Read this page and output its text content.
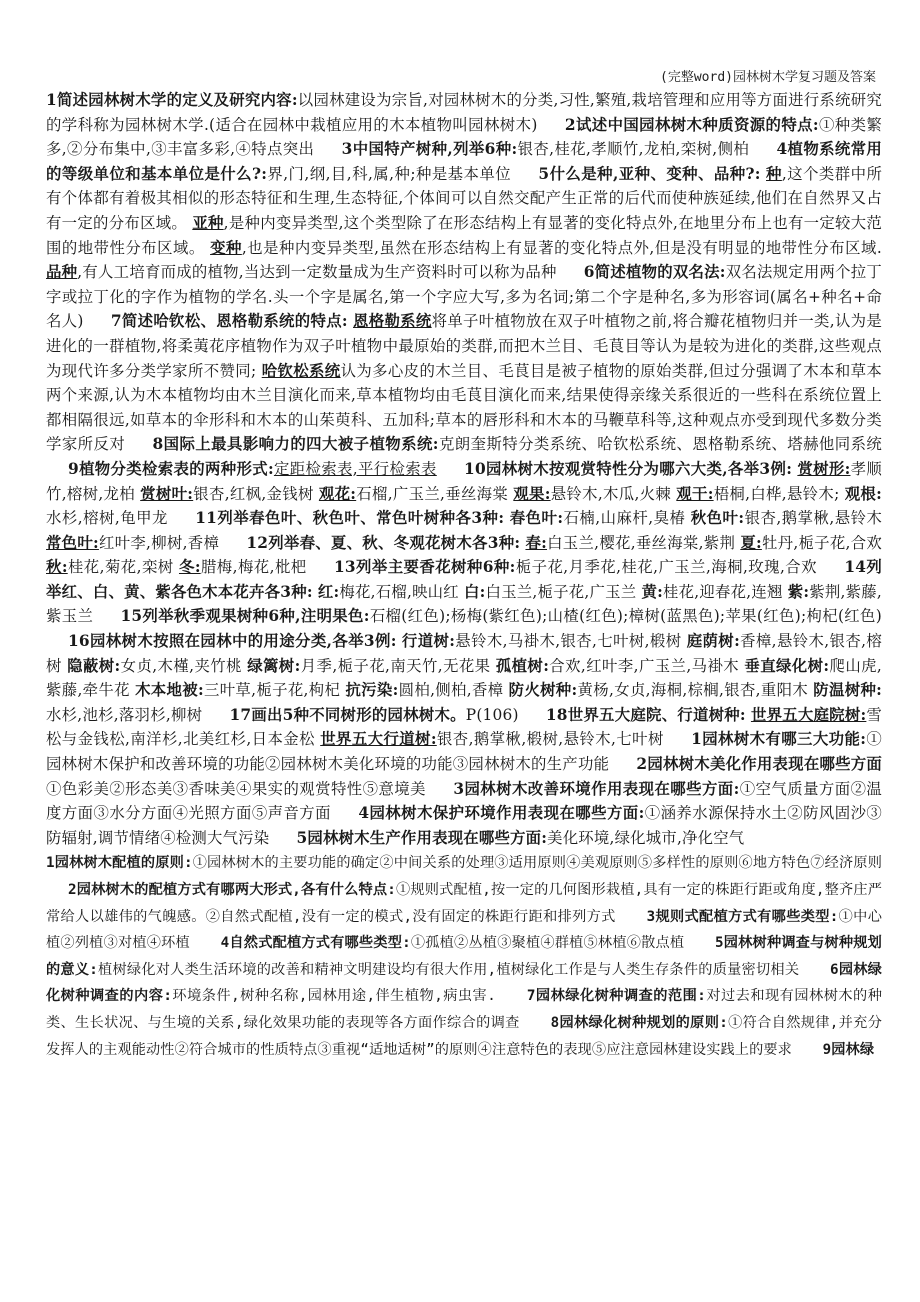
(完整word)园林树木学复习题及答案
1简述园林树木学的定义及研究内容:以园林建设为宗旨,对园林树木的分类,习性,繁殖,栽培管理和应用等方面进行系统研究的学科称为园林树木学.(适合在园林中栽植应用的木本植物叫园林树木) 2试述中国园林树木种质资源的特点:①种类繁多,②分布集中,③丰富多彩,④特点突出 3中国特产树种,列举6种:银杏,桂花,孝顺竹,龙柏,栾树,侧柏 4植物系统常用的等级单位和基本单位是什么?:界,门,纲,目,科,属,种;种是基本单位 5什么是种,亚种、变种、品种?: 种,这个类群中所有个体都有着极其相似的形态特征和生理,生态特征,个体间可以自然交配产生正常的后代而使种族延续,他们在自然界又占有一定的分布区域。 亚种,是种内变异类型,这个类型除了在形态结构上有显著的变化特点外,在地里分布上也有一定较大范围的地带性分布区域。 变种,也是种内变异类型,虽然在形态结构上有显著的变化特点外,但是没有明显的地带性分布区域. 品种,有人工培育而成的植物,当达到一定数量成为生产资料时可以称为品种 6简述植物的双名法:双名法规定用两个拉丁字或拉丁化的字作为植物的学名.头一个字是属名,第一个字应大写,多为名词;第二个字是种名,多为形容词(属名+种名+命名人) 7简述哈钦松、恩格勒系统的特点: 恩格勒系统将单子叶植物放在双子叶植物之前,将合瓣花植物归并一类,认为是进化的一群植物,将柔荑花序植物作为双子叶植物中最原始的类群,而把木兰目、毛茛目等认为是较为进化的类群,这些观点为现代许多分类学家所不赞同; 哈钦松系统认为多心皮的木兰目、毛茛目是被子植物的原始类群,但过分强调了木本和草本两个来源,认为木本植物均由木兰目演化而来,草本植物均由毛茛目演化而来,结果使得亲缘关系很近的一些科在系统位置上都相隔很远,如草本的伞形科和木本的山茱萸科、五加科;草本的唇形科和木本的马鞭草科等,这种观点亦受到现代多数分类学家所反对 8国际上最具影响力的四大被子植物系统:克朗奎斯特分类系统、哈钦松系统、恩格勒系统、塔赫他同系统 9植物分类检索表的两种形式:定距检索表,平行检索表 10园林树木按观赏特性分为哪六大类,各举3例: 赏树形:孝顺竹,榕树,龙柏 赏树叶:银杏,红枫,金钱树 观花:石榴,广玉兰,垂丝海棠 观果:悬铃木,木瓜,火棘 观干:梧桐,白桦,悬铃木; 观根:水杉,榕树,龟甲龙 11列举春色叶、秋色叶、常色叶树种各3种: 春色叶:石楠,山麻杆,臭椿 秋色叶:银杏,鹅掌楸,悬铃木 常色叶:红叶李,柳树,香樟 12列举春、夏、秋、冬观花树木各3种: 春:白玉兰,樱花,垂丝海棠,紫荆 夏:牡丹,栀子花,合欢 秋:桂花,菊花,栾树 冬:腊梅,梅花,枇杷 13列举主要香花树种6种:栀子花,月季花,桂花,广玉兰,海桐,玫瑰,合欢 14列举红、白、黄、紫各色木本花卉各3种: 红:梅花,石榴,映山红 白:白玉兰,栀子花,广玉兰 黄:桂花,迎春花,连翘 紫:紫荆,紫藤,紫玉兰 15列举秋季观果树种6种,注明果色:石榴(红色);杨梅(紫红色);山楂(红色);樟树(蓝黑色);苹果(红色);枸杞(红色) 16园林树木按照在园林中的用途分类,各举3例: 行道树:悬铃木,马褂木,银杏,七叶树,椴树 庭荫树:香樟,悬铃木,银杏,榕树 隐蔽树:女贞,木槿,夹竹桃 绿篱树:月季,栀子花,南天竹,无花果 孤植树:合欢,红叶李,广玉兰,马褂木 垂直绿化树:爬山虎,紫藤,牵牛花 木本地被:三叶草,栀子花,枸杞 抗污染:圆柏,侧柏,香樟 防火树种:黄杨,女贞,海桐,棕榈,银杏,重阳木 防温树种:水杉,池杉,落羽杉,柳树 17画出5种不同树形的园林树木。P(106) 18世界五大庭院、行道树种: 世界五大庭院树:雪松与金钱松,南洋杉,北美红杉,日本金松 世界五大行道树:银杏,鹅掌楸,椴树,悬铃木,七叶树 1园林树木有哪三大功能:①园林树木保护和改善环境的功能②园林树木美化环境的功能③园林树木的生产功能 2园林树木美化作用表现在哪些方面①色彩美②形态美③香味美④果实的观赏特性⑤意境美 3园林树木改善环境作用表现在哪些方面:①空气质量方面②温度方面③水分方面④光照方面⑤声音方面 4园林树木保护环境作用表现在哪些方面:①涵养水源保持水土②防风固沙③防辐射,调节情绪④检测大气污染 5园林树木生产作用表现在哪些方面:美化环境,绿化城市,净化空气
1园林树木配植的原则:①园林树木的主要功能的确定②中间关系的处理③适用原则④美观原则⑤多样性的原则⑥地方特色⑦经济原则 2园林树木的配植方式有哪两大形式,各有什么特点:①规则式配植,按一定的几何图形栽植,具有一定的株距行距或角度,整齐庄严常给人以雄伟的气魄感。②自然式配植,没有一定的模式,没有固定的株距行距和排列方式 3规则式配植方式有哪些类型:①中心植②列植③对植④环植 4自然式配植方式有哪些类型:①孤植②丛植③聚植④群植⑤林植⑥散点植 5园林树种调查与树种规划的意义:植树绿化对人类生活环境的改善和精神文明建设均有很大作用,植树绿化工作是与人类生存条件的质量密切相关 6园林绿化树种调查的内容:环境条件,树种名称,园林用途,伴生植物,病虫害. 7园林绿化树种调查的范围:对过去和现有园林树木的种类、生长状况、与生境的关系,绿化效果功能的表现等各方面作综合的调查 8园林绿化树种规划的原则:①符合自然规律,并充分发挥人的主观能动性②符合城市的性质特点③重视“适地适树”的原则④注意特色的表现⑤应注意园林建设实践上的要求 9园林绿
